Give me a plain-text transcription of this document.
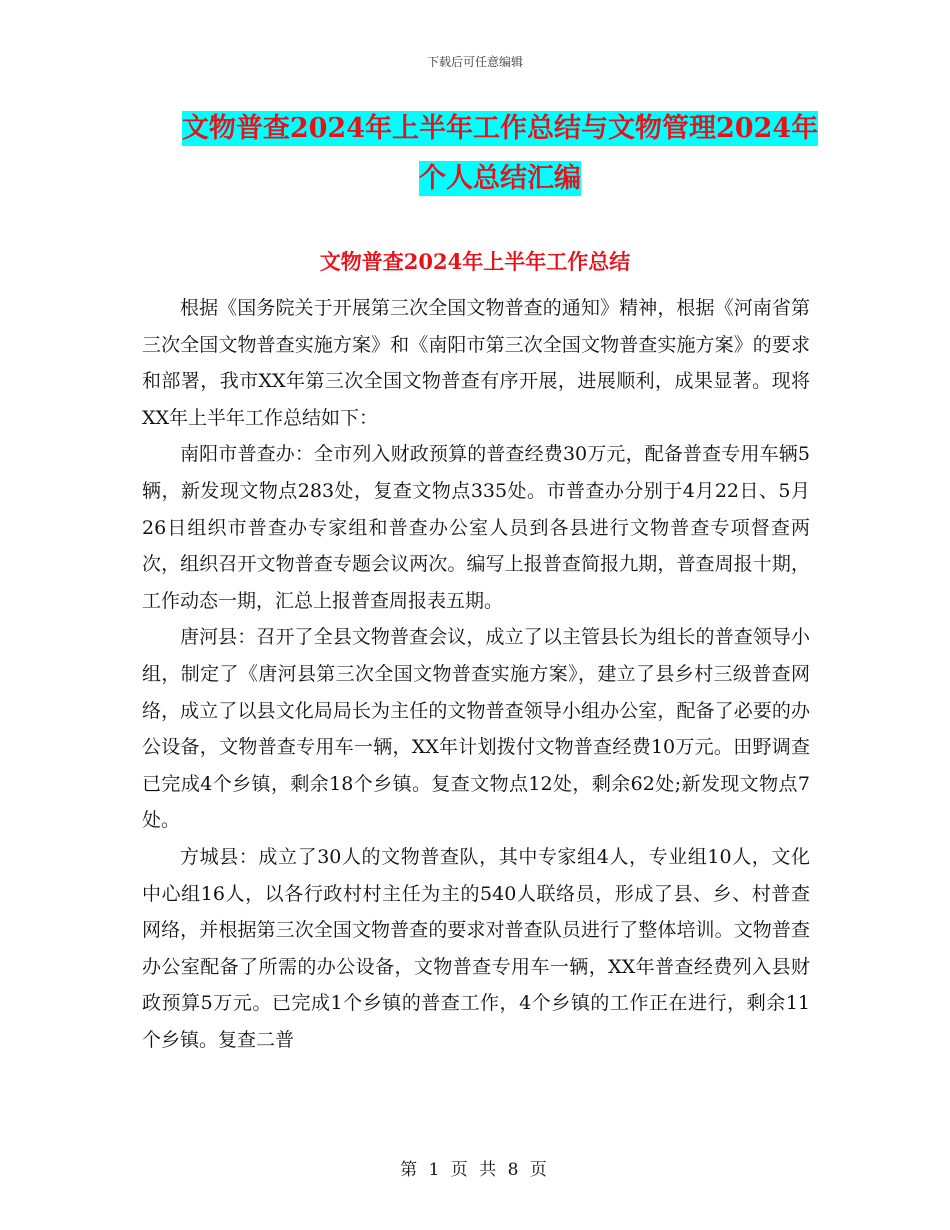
下载后可任意编辑
文物普查2024年上半年工作总结与文物管理2024年
个人总结汇编
文物普查2024年上半年工作总结

根据《国务院关于开展第三次全国文物普查的通知》精神，根据《河南省第三次全国文物普查实施方案》和《南阳市第三次全国文物普查实施方案》的要求和部署，我市XX年第三次全国文物普查有序开展，进展顺利，成果显著。现将XX年上半年工作总结如下：

南阳市普查办：全市列入财政预算的普查经费30万元，配备普查专用车辆5辆，新发现文物点283处，复查文物点335处。市普查办分别于4月22日、5月26日组织市普查办专家组和普查办公室人员到各县进行文物普查专项督查两次，组织召开文物普查专题会议两次。编写上报普查简报九期，普查周报十期，工作动态一期，汇总上报普查周报表五期。

唐河县：召开了全县文物普查会议，成立了以主管县长为组长的普查领导小组，制定了《唐河县第三次全国文物普查实施方案》，建立了县乡村三级普查网络，成立了以县文化局局长为主任的文物普查领导小组办公室，配备了必要的办公设备，文物普查专用车一辆，XX年计划拨付文物普查经费10万元。田野调查已完成4个乡镇，剩余18个乡镇。复查文物点12处，剩余62处;新发现文物点7处。

方城县：成立了30人的文物普查队，其中专家组4人，专业组10人，文化中心组16人，以各行政村村主任为主的540人联络员，形成了县、乡、村普查网络，并根据第三次全国文物普查的要求对普查队员进行了整体培训。文物普查办公室配备了所需的办公设备，文物普查专用车一辆，XX年普查经费列入县财政预算5万元。已完成1个乡镇的普查工作，4个乡镇的工作正在进行，剩余11个乡镇。复查二普

第 1 页 共 8 页
